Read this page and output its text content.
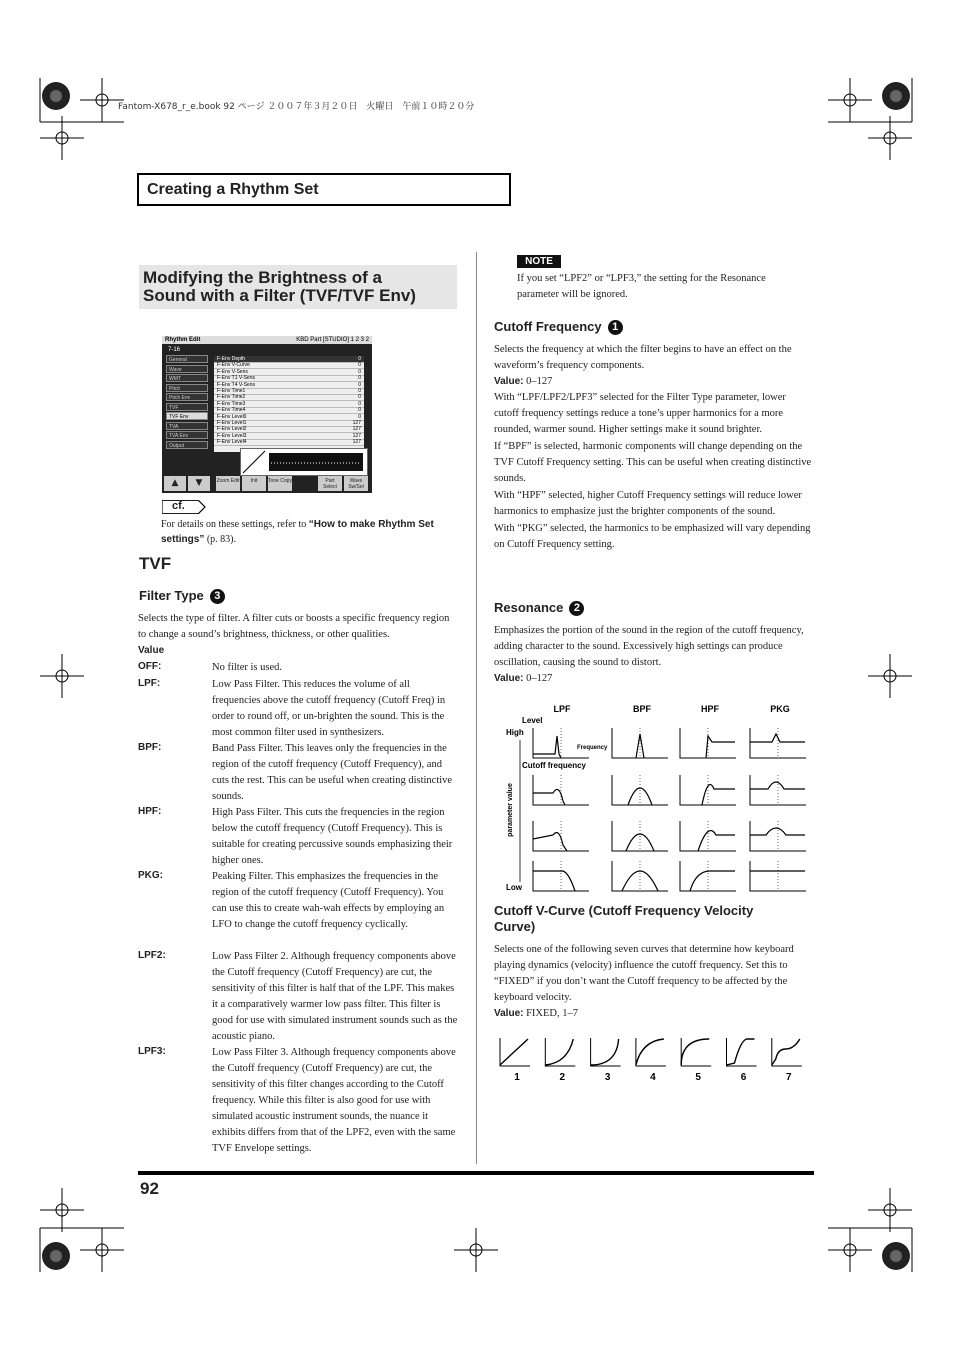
Fantom-X678_r_e.book 92 ページ ２００７年３月２０日　火曜日　午前１０時２０分
Creating a Rhythm Set
Modifying the Brightness of a
Sound with a Filter (TVF/TVF Env)
Rhythm Edit	KBD Part [STUDIO] 1 2 3 2
7-16
General
Wave
WMT
Pitch
Pitch Env
TVF
TVF Env
TVA
TVA Env
Output
F-Env Depth	0
F-Env V-Curve	0
F-Env V-Sens	0
F-Env T1 V-Sens	0
F-Env T4 V-Sens	0
F-Env Time1	0
F-Env Time2	0
F-Env Time3	0
F-Env Time4	0
F-Env Level0	0
F-Env Level1	127
F-Env Level2	127
F-Env Level3	127
F-Env Level4	127
▲	▼	Zoom Edit	Init	Tone Copy	Part Select
Wave Sw/Sel
cf.
For details on these settings, refer to “How to make Rhythm Set settings” (p. 83).
TVF
Filter Type 3
Selects the type of filter. A filter cuts or boosts a specific frequency region to change a sound’s brightness, thickness, or other qualities.
Value
OFF:	No filter is used.
LPF:	Low Pass Filter. This reduces the volume of all frequencies above the cutoff frequency (Cutoff Freq) in order to round off, or un-brighten the sound. This is the most common filter used in synthesizers.
BPF:	Band Pass Filter. This leaves only the frequencies in the region of the cutoff frequency (Cutoff Frequency), and cuts the rest. This can be useful when creating distinctive sounds.
HPF:	High Pass Filter. This cuts the frequencies in the region below the cutoff frequency (Cutoff Frequency). This is suitable for creating percussive sounds emphasizing their higher ones.
PKG:	Peaking Filter. This emphasizes the frequencies in the region of the cutoff frequency (Cutoff Frequency). You can use this to create wah-wah effects by employing an LFO to change the cutoff frequency cyclically.
LPF2:	Low Pass Filter 2. Although frequency components above the Cutoff frequency (Cutoff Frequency) are cut, the sensitivity of this filter is half that of the LPF. This makes it a comparatively warmer low pass filter. This filter is good for use with simulated instrument sounds such as the acoustic piano.
LPF3:	Low Pass Filter 3. Although frequency components above the Cutoff frequency (Cutoff Frequency) are cut, the sensitivity of this filter changes according to the Cutoff frequency. While this filter is also good for use with simulated acoustic instrument sounds, the nuance it exhibits differs from that of the LPF2, even with the same TVF Envelope settings.
NOTE
If you set “LPF2” or “LPF3,” the setting for the Resonance parameter will be ignored.
Cutoff Frequency 1
Selects the frequency at which the filter begins to have an effect on the waveform’s frequency components.
Value: 0–127
With “LPF/LPF2/LPF3” selected for the Filter Type parameter, lower cutoff frequency settings reduce a tone’s upper harmonics for a more rounded, warmer sound. Higher settings make it sound brighter.
If “BPF” is selected, harmonic components will change depending on the TVF Cutoff Frequency setting. This can be useful when creating distinctive sounds.
With “HPF” selected, higher Cutoff Frequency settings will reduce lower harmonics to emphasize just the brighter components of the sound.
With “PKG” selected, the harmonics to be emphasized will vary depending on Cutoff Frequency setting.
Resonance 2
Emphasizes the portion of the sound in the region of the cutoff frequency, adding character to the sound. Excessively high settings can produce oscillation, causing the sound to distort.
Value: 0–127
LPF	BPF	HPF	PKG
Level
High
Low
Frequency
Cutoff frequency
parameter value
Cutoff V-Curve (Cutoff Frequency Velocity
Curve)
Selects one of the following seven curves that determine how keyboard playing dynamics (velocity) influence the cutoff frequency. Set this to “FIXED” if you don’t want the Cutoff frequency to be affected by the keyboard velocity.
Value: FIXED, 1–7
1	2	3	4	5	6	7
92
